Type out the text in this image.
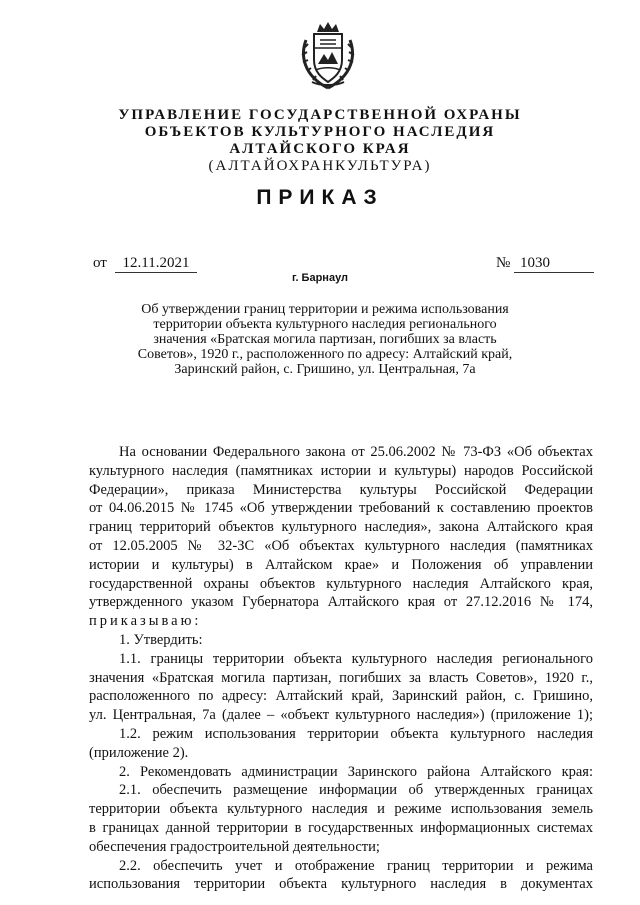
УПРАВЛЕНИЕ ГОСУДАРСТВЕННОЙ ОХРАНЫ
ОБЪЕКТОВ КУЛЬТУРНОГО НАСЛЕДИЯ
АЛТАЙСКОГО КРАЯ
(АЛТАЙОХРАНКУЛЬТУРА)
ПРИКАЗ
от	12.11.2021	№ 1030
г. Барнаул
Об утверждении границ территории и режима использования
территории объекта культурного наследия регионального
значения «Братская могила партизан, погибших за власть
Советов», 1920 г., расположенного по адресу: Алтайский край,
Заринский район, с. Гришино, ул. Центральная, 7а
На основании Федерального закона от 25.06.2002 № 73-ФЗ «Об объектах
культурного наследия (памятниках истории и культуры) народов Российской
Федерации», приказа Министерства культуры Российской Федерации
от 04.06.2015 № 1745 «Об утверждении требований к составлению проектов
границ территорий объектов культурного наследия», закона Алтайского края
от 12.05.2005 № 32-ЗС «Об объектах культурного наследия (памятниках
истории и культуры) в Алтайском крае» и Положения об управлении
государственной охраны объектов культурного наследия Алтайского края,
утвержденного указом Губернатора Алтайского края от 27.12.2016 № 174,
приказываю:
1. Утвердить:
1.1. границы территории объекта культурного наследия регионального
значения «Братская могила партизан, погибших за власть Советов», 1920 г.,
расположенного по адресу: Алтайский край, Заринский район, с. Гришино,
ул. Центральная, 7а (далее – «объект культурного наследия») (приложение 1);
1.2. режим использования территории объекта культурного наследия
(приложение 2).
2. Рекомендовать администрации Заринского района Алтайского края:
2.1. обеспечить размещение информации об утвержденных границах
территории объекта культурного наследия и режиме использования земель
в границах данной территории в государственных информационных системах
обеспечения градостроительной деятельности;
2.2. обеспечить учет и отображение границ территории и режима
использования территории объекта культурного наследия в документах
